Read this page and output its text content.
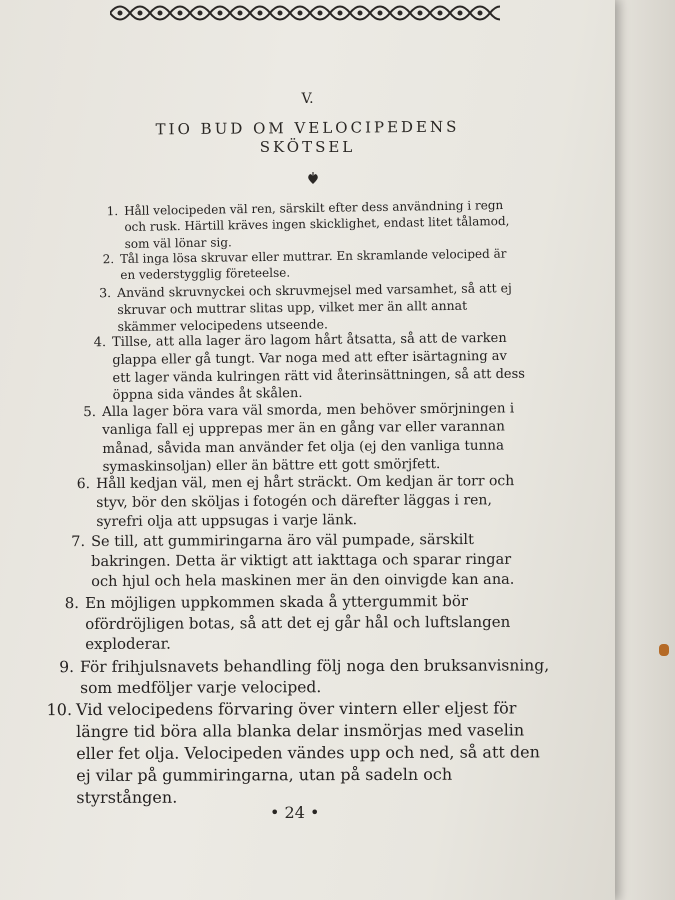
V.
TIO BUD OM VELOCIPEDENS
SKÖTSEL
1. Håll velocipeden väl ren, särskilt efter dess användning i regn och rusk. Härtill kräves ingen skicklighet, endast litet tålamod, som väl lönar sig.
2. Tål inga lösa skruvar eller muttrar. En skramlande velociped är en vederstygglig företeelse.
3. Använd skruvnyckei och skruvmejsel med varsamhet, så att ej skruvar och muttrar slitas upp, vilket mer än allt annat skämmer velocipedens utseende.
4. Tillse, att alla lager äro lagom hårt åtsatta, så att de varken glappa eller gå tungt. Var noga med att efter isärtagning av ett lager vända kulringen rätt vid återinsättningen, så att dess öppna sida vändes åt skålen.
5. Alla lager böra vara väl smorda, men behöver smörjningen i vanliga fall ej upprepas mer än en gång var eller varannan månad, såvida man använder fet olja (ej den vanliga tunna symaskinsoljan) eller än bättre ett gott smörjfett.
6. Håll kedjan väl, men ej hårt sträckt. Om kedjan är torr och styv, bör den sköljas i fotogén och därefter läggas i ren, syrefri olja att uppsugas i varje länk.
7. Se till, att gummiringarna äro väl pumpade, särskilt bakringen. Detta är viktigt att iakttaga och sparar ringar och hjul och hela maskinen mer än den oinvigde kan ana.
8. En möjligen uppkommen skada å yttergummit bör ofördröjligen botas, så att det ej går hål och luftslangen exploderar.
9. För frihjulsnavets behandling följ noga den bruksanvisning, som medföljer varje velociped.
10. Vid velocipedens förvaring över vintern eller eljest för längre tid böra alla blanka delar insmörjas med vaselin eller fet olja. Velocipeden vändes upp och ned, så att den ej vilar på gummiringarna, utan på sadeln och styrstången.
• 24 •
